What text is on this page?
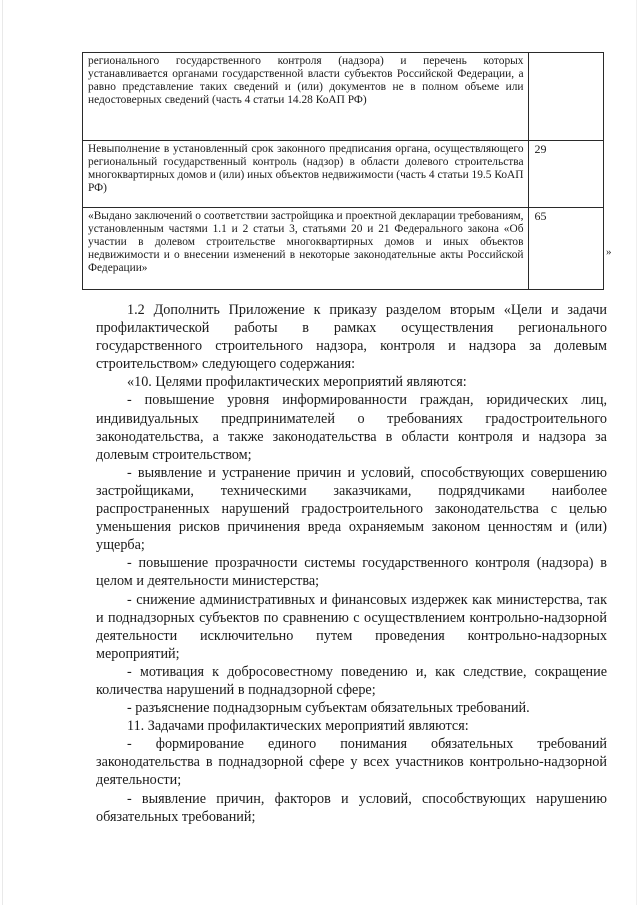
регионального государственного контроля (надзора) и перечень которых устанавливается органами государственной власти субъектов Российской Федерации, а равно представление таких сведений и (или) документов не в полном объеме или недостоверных сведений (часть 4 статьи 14.28 КоАП РФ)	
Невыполнение в установленный срок законного предписания органа, осуществляющего региональный государственный контроль (надзор) в области долевого строительства многоквартирных домов и (или) иных объектов недвижимости (часть 4 статьи 19.5 КоАП РФ)	29
«Выдано заключений о соответствии застройщика и проектной декларации требованиям, установленным частями 1.1 и 2 статьи 3, статьями 20 и 21 Федерального закона «Об участии в долевом строительстве многоквартирных домов и иных объектов недвижимости и о внесении изменений в некоторые законодательные акты Российской Федерации»	65
»

1.2 Дополнить Приложение к приказу разделом вторым «Цели и задачи профилактической работы в рамках осуществления регионального государственного строительного надзора, контроля и надзора за долевым строительством» следующего содержания:

«10. Целями профилактических мероприятий являются:

- повышение уровня информированности граждан, юридических лиц, индивидуальных предпринимателей о требованиях градостроительного законодательства, а также законодательства в области контроля и надзора за долевым строительством;

- выявление и устранение причин и условий, способствующих совершению застройщиками, техническими заказчиками, подрядчиками наиболее распространенных нарушений градостроительного законодательства с целью уменьшения рисков причинения вреда охраняемым законом ценностям и (или) ущерба;

- повышение прозрачности системы государственного контроля (надзора) в целом и деятельности министерства;

- снижение административных и финансовых издержек как министерства, так и поднадзорных субъектов по сравнению с осуществлением контрольно-надзорной деятельности исключительно путем проведения контрольно-надзорных мероприятий;

- мотивация к добросовестному поведению и, как следствие, сокращение количества нарушений в поднадзорной сфере;

- разъяснение поднадзорным субъектам обязательных требований.

11. Задачами профилактических мероприятий являются:

- формирование единого понимания обязательных требований законодательства в поднадзорной сфере у всех участников контрольно-надзорной деятельности;

- выявление причин, факторов и условий, способствующих нарушению обязательных требований;
